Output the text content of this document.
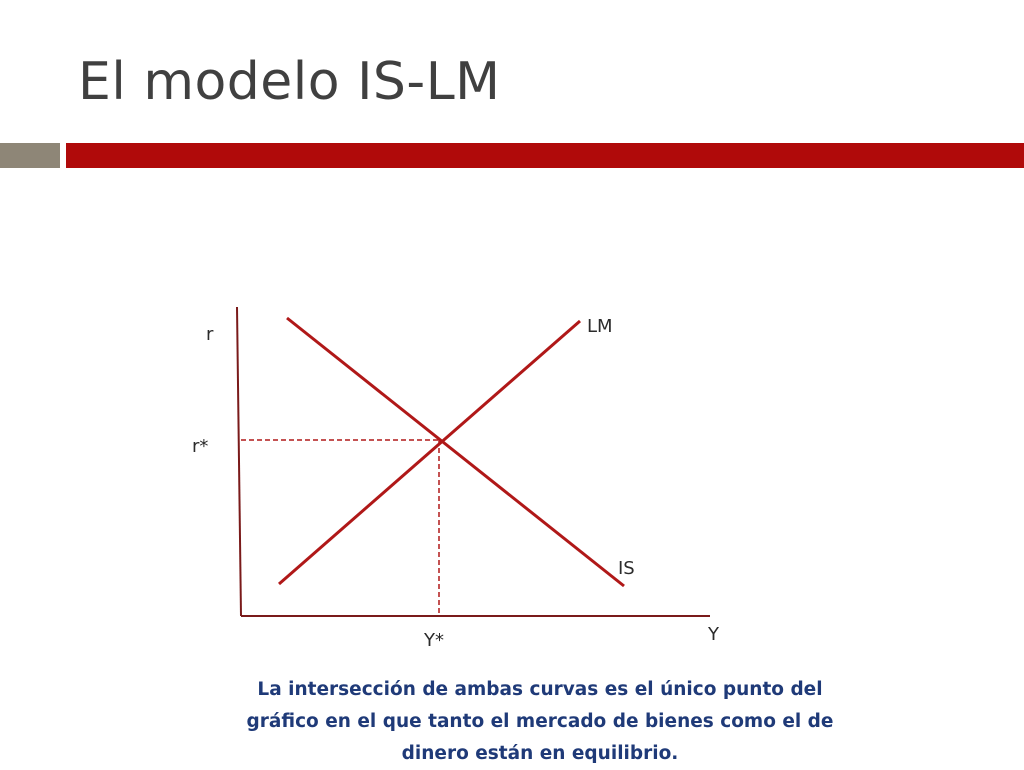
El modelo IS-LM
r
Y
r*
Y*
LM
IS
La intersección de ambas curvas es el único punto del gráfico en el que tanto el mercado de bienes como el de dinero están en equilibrio.
